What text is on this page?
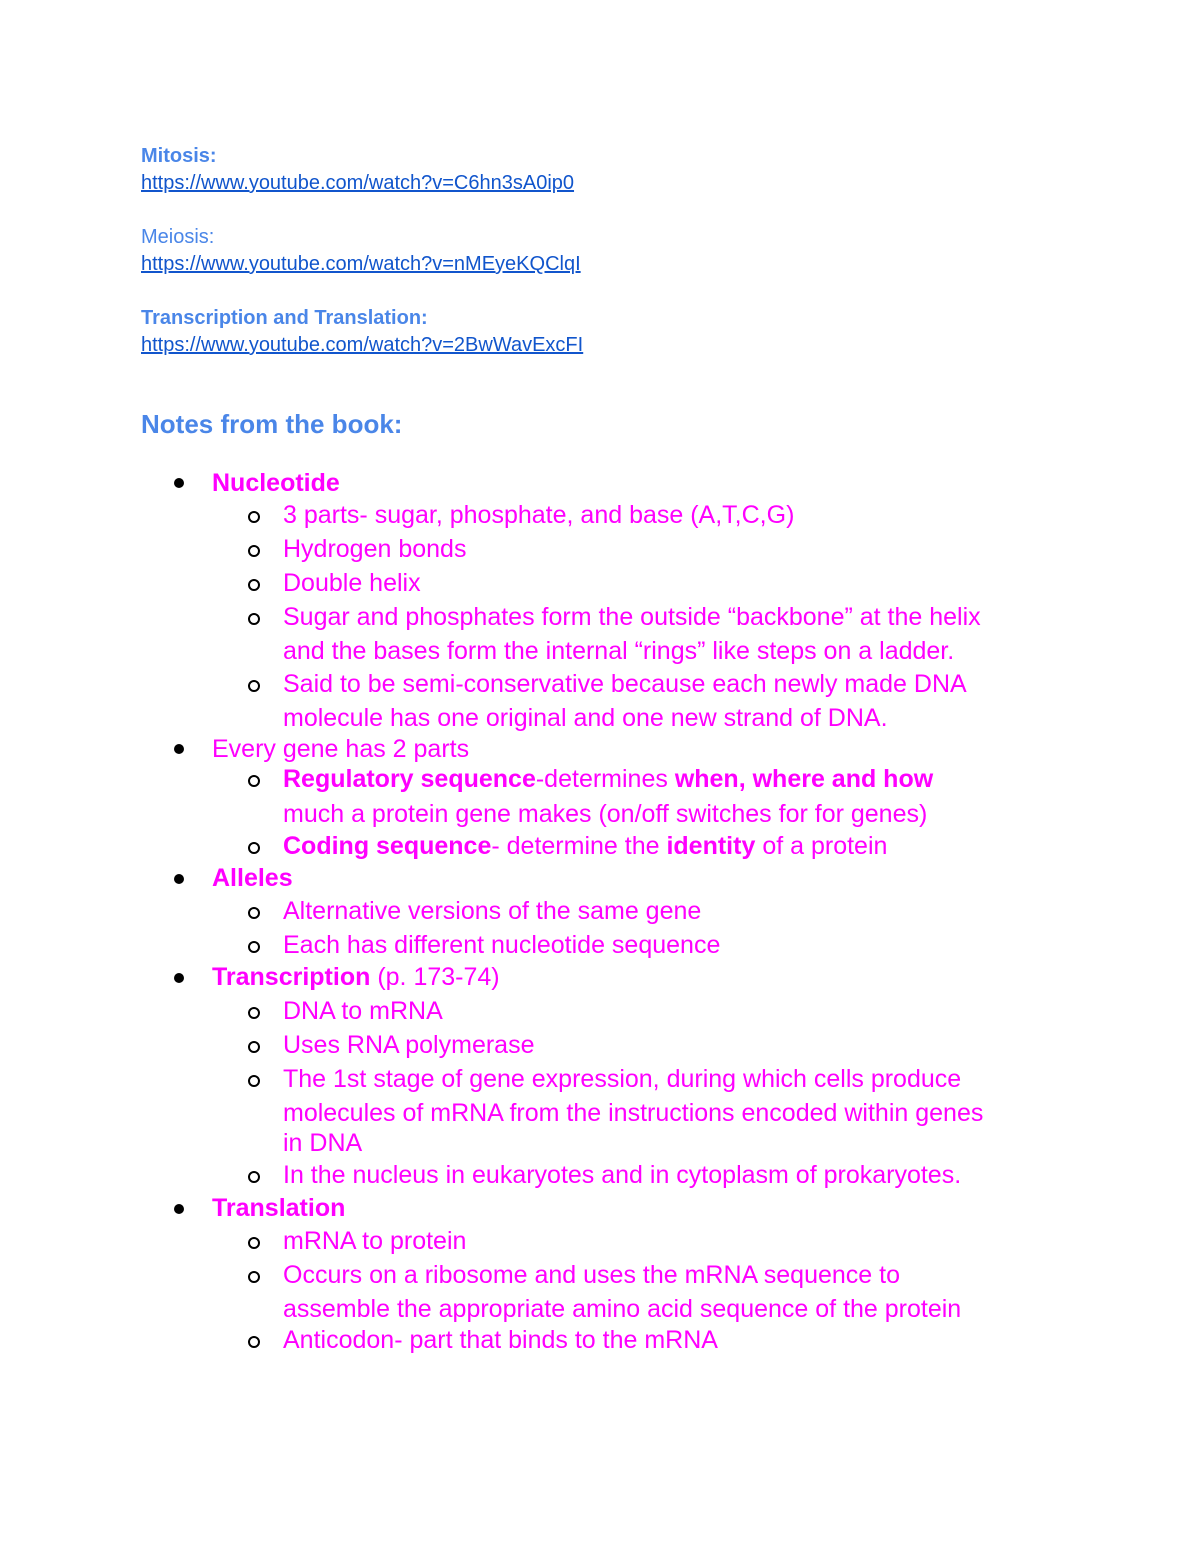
Mitosis:
https://www.youtube.com/watch?v=C6hn3sA0ip0
Meiosis:
https://www.youtube.com/watch?v=nMEyeKQClqI
Transcription and Translation:
https://www.youtube.com/watch?v=2BwWavExcFI
Notes from the book:
Nucleotide
3 parts- sugar, phosphate, and base (A,T,C,G)
Hydrogen bonds
Double helix
Sugar and phosphates form the outside “backbone” at the helix
and the bases form the internal “rings” like steps on a ladder.
Said to be semi-conservative because each newly made DNA
molecule has one original and one new strand of DNA.
Every gene has 2 parts
Regulatory sequence-determines when, where and how
much a protein gene makes (on/off switches for for genes)
Coding sequence- determine the identity of a protein
Alleles
Alternative versions of the same gene
Each has different nucleotide sequence
Transcription (p. 173-74)
DNA to mRNA
Uses RNA polymerase
The 1st stage of gene expression, during which cells produce
molecules of mRNA from the instructions encoded within genes
in DNA
In the nucleus in eukaryotes and in cytoplasm of prokaryotes.
Translation
mRNA to protein
Occurs on a ribosome and uses the mRNA sequence to
assemble the appropriate amino acid sequence of the protein
Anticodon- part that binds to the mRNA
